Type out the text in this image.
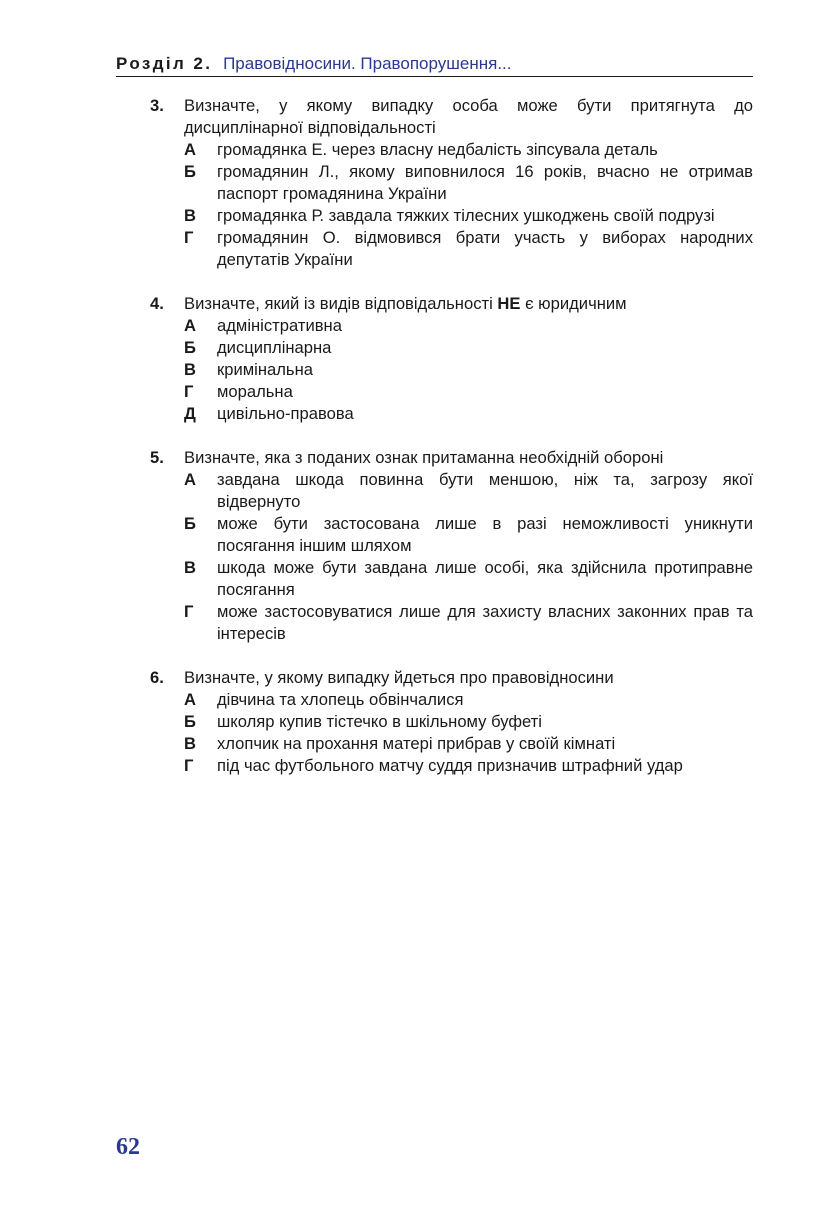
Розділ 2. Правовідносини. Правопорушення...
3. Визначте, у якому випадку особа може бути притягнута до дисциплінарної відповідальності
А громадянка Е. через власну недбалість зіпсувала деталь
Б громадянин Л., якому виповнилося 16 років, вчасно не отримав паспорт громадянина України
В громадянка Р. завдала тяжких тілесних ушкоджень своїй подрузі
Г громадянин О. відмовився брати участь у виборах народних депутатів України
4. Визначте, який із видів відповідальності НЕ є юридичним
А адміністративна
Б дисциплінарна
В кримінальна
Г моральна
Д цивільно-правова
5. Визначте, яка з поданих ознак притаманна необхідній обороні
А завдана шкода повинна бути меншою, ніж та, загрозу якої відвернуто
Б може бути застосована лише в разі неможливості уникнути посягання іншим шляхом
В шкода може бути завдана лише особі, яка здійснила протиправне посягання
Г може застосовуватися лише для захисту власних законних прав та інтересів
6. Визначте, у якому випадку йдеться про правовідносини
А дівчина та хлопець обвінчалися
Б школяр купив тістечко в шкільному буфеті
В хлопчик на прохання матері прибрав у своїй кімнаті
Г під час футбольного матчу суддя призначив штрафний удар
62
